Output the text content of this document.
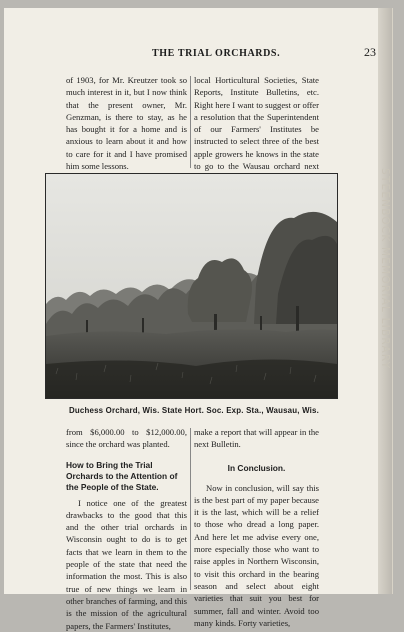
STEENBOCK MEMORIAL LIBRARY
THE TRIAL ORCHARDS.	23

of 1903, for Mr. Kreutzer took so much interest in it, but I now think that the present owner, Mr. Genzman, is there to stay, as he has bought it for a home and is anxious to learn about it and how to care for it and I have promised him some lessons.

local Horticultural Societies, State Reports, Institute Bulletins, etc. Right here I want to suggest or offer a resolution that the Superintendent of our Farmers' Institutes be instructed to select three of the best apple growers he knows in the state to go to the Wausau orchard next

Duchess Orchard, Wis. State Hort. Soc. Exp. Sta., Wausau, Wis.

from $6,000.00 to $12,000.00, since the orchard was planted.

How to Bring the Trial Orchards to the Attention of the People of the State.

I notice one of the greatest drawbacks to the good that this and the other trial orchards in Wisconsin ought to do is to get facts that we learn in them to the people of the state that need the information the most. This is also true of new things we learn in other branches of farming, and this is the mission of the agricultural papers, the Farmers' Institutes,

make a report that will appear in the next Bulletin.

In Conclusion.

Now in conclusion, will say this is the best part of my paper because it is the last, which will be a relief to those who dread a long paper. And here let me advise every one, more especially those who want to raise apples in Northern Wisconsin, to visit this orchard in the bearing season and select about eight varieties that suit you best for summer, fall and winter. Avoid too many kinds. Forty varieties,
